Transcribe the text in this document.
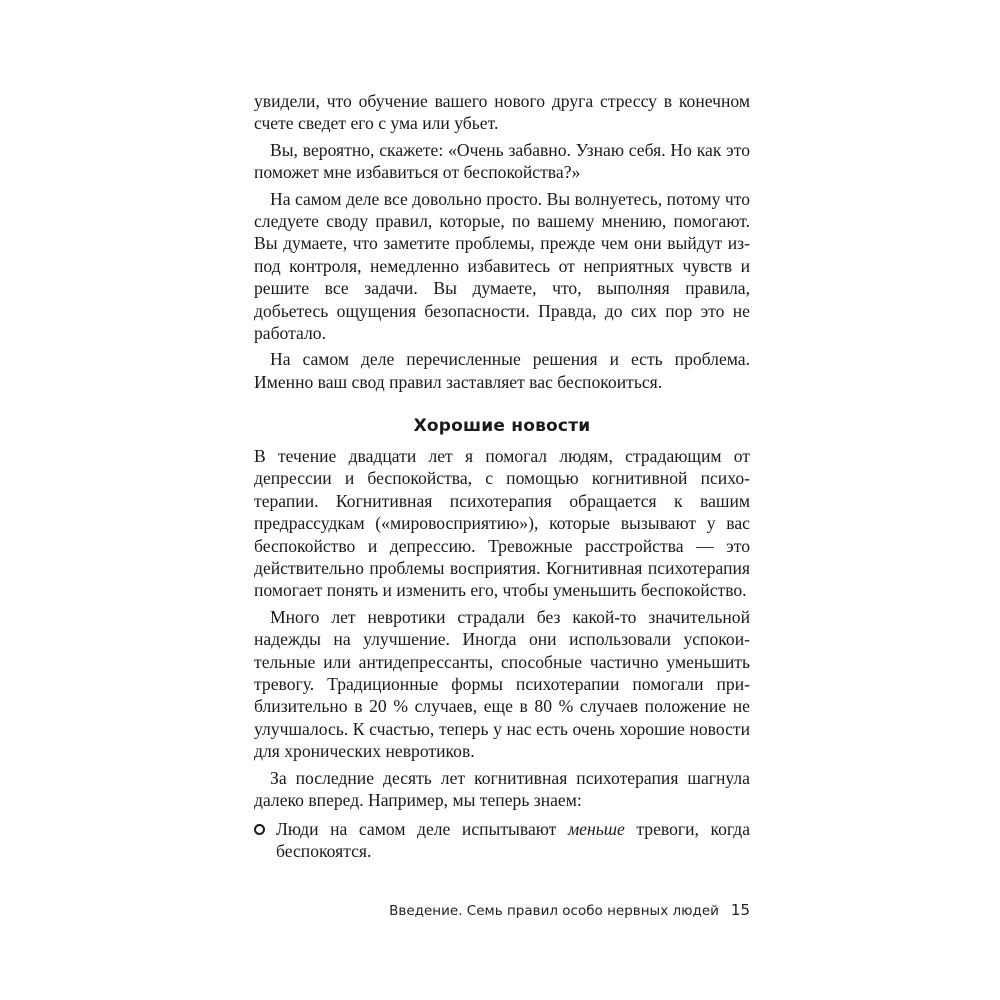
увидели, что обучение вашего нового друга стрессу в конечном счете сведет его с ума или убьет.

Вы, вероятно, скажете: «Очень забавно. Узнаю себя. Но как это поможет мне избавиться от беспокойства?»

На самом деле все довольно просто. Вы волнуетесь, потому что следуете своду правил, которые, по вашему мнению, помогают. Вы думаете, что заметите проблемы, прежде чем они выйдут из-под контроля, немедленно избавитесь от неприятных чувств и решите все задачи. Вы думаете, что, выполняя правила, добьетесь ощущения безопасности. Правда, до сих пор это не работало.

На самом деле перечисленные решения и есть проблема. Именно ваш свод правил заставляет вас беспокоиться.

Хорошие новости

В течение двадцати лет я помогал людям, страдающим от депрессии и беспокойства, с помощью когнитивной психотерапии. Когнитивная психотерапия обращается к вашим предрассудкам («мировосприятию»), которые вызывают у вас беспокойство и депрессию. Тревожные расстройства — это действительно проблемы восприятия. Когнитивная психотерапия помогает понять и изменить его, чтобы уменьшить беспокойство.

Много лет невротики страдали без какой-то значительной надежды на улучшение. Иногда они использовали успокоительные или антидепрессанты, способные частично уменьшить тревогу. Традиционные формы психотерапии помогали приблизительно в 20 % случаев, еще в 80 % случаев положение не улучшалось. К счастью, теперь у нас есть очень хорошие новости для хронических невротиков.

За последние десять лет когнитивная психотерапия шагнула далеко вперед. Например, мы теперь знаем:

Люди на самом деле испытывают меньше тревоги, когда беспокоятся.
Введение. Семь правил особо нервных людей 15
